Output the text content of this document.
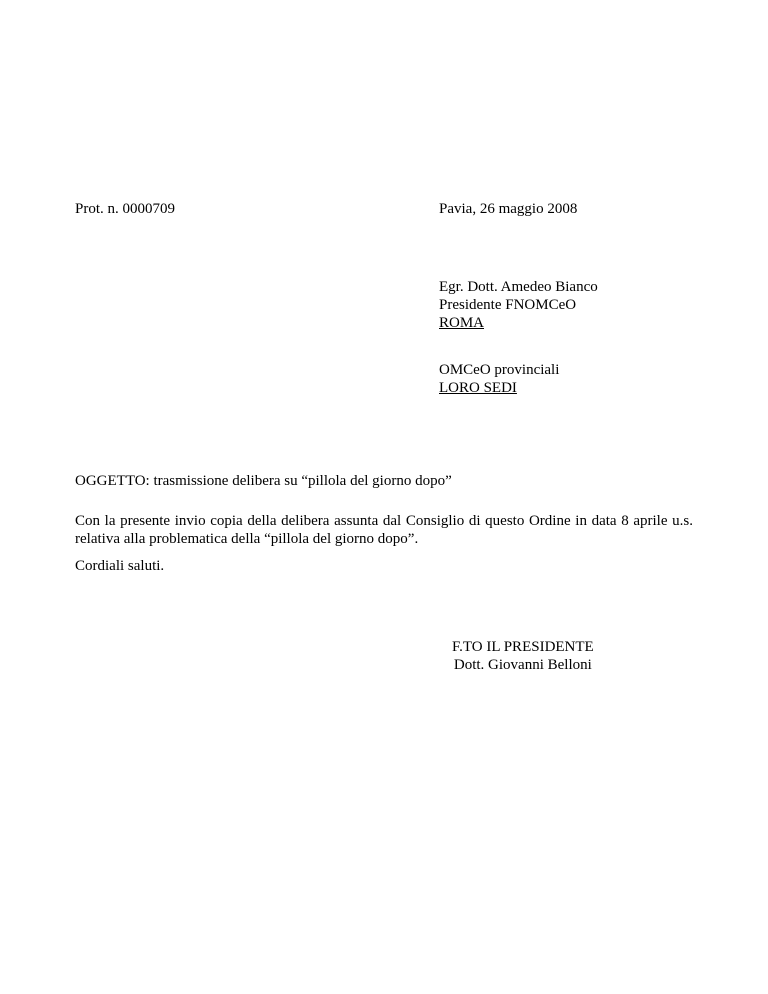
Prot. n. 0000709	Pavia, 26 maggio 2008
Egr. Dott. Amedeo Bianco
Presidente FNOMCeO
ROMA
OMCeO provinciali
LORO SEDI
OGGETTO: trasmissione delibera su “pillola del giorno dopo”
Con la presente invio copia della delibera assunta dal Consiglio di questo Ordine in data 8 aprile u.s. relativa alla problematica della “pillola del giorno dopo”.
Cordiali saluti.
F.TO IL PRESIDENTE
Dott. Giovanni Belloni
